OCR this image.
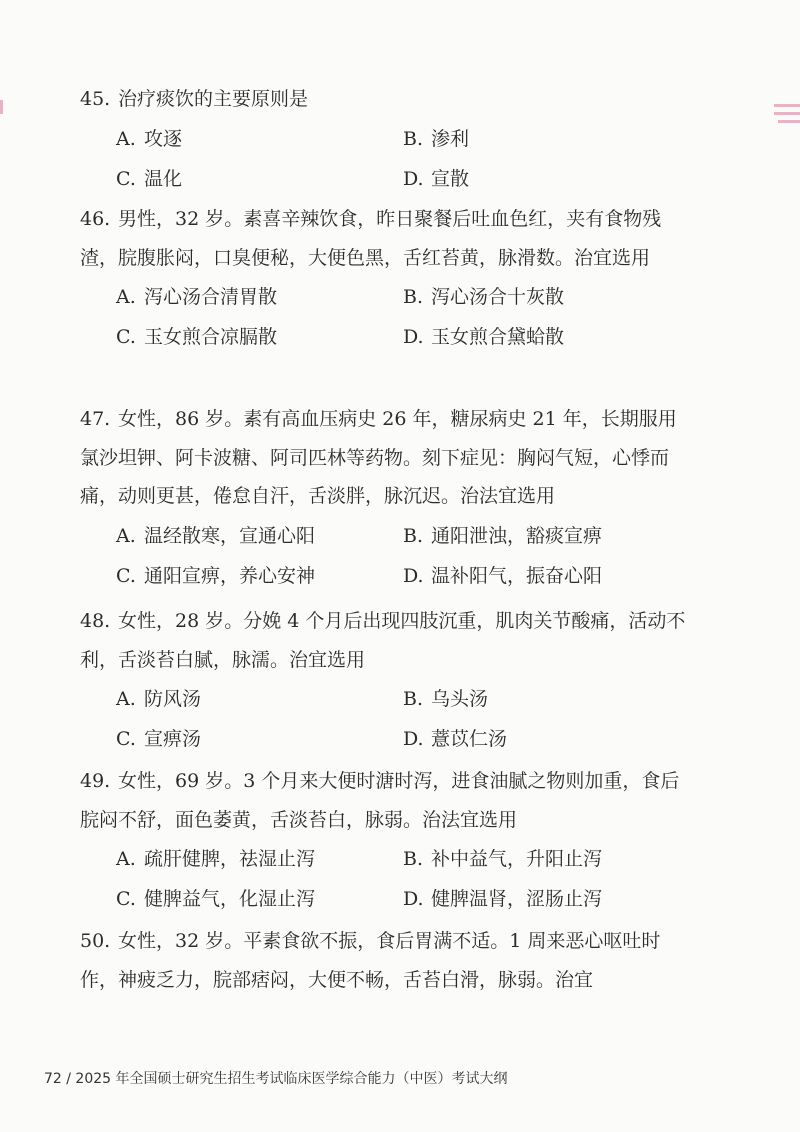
45. 治疗痰饮的主要原则是

A. 攻逐	B. 渗利
C. 温化	D. 宣散

46. 男性，32 岁。素喜辛辣饮食，昨日聚餐后吐血色红，夹有食物残渣，脘腹胀闷，口臭便秘，大便色黑，舌红苔黄，脉滑数。治宜选用

A. 泻心汤合清胃散	B. 泻心汤合十灰散
C. 玉女煎合凉膈散	D. 玉女煎合黛蛤散

47. 女性，86 岁。素有高血压病史 26 年，糖尿病史 21 年，长期服用氯沙坦钾、阿卡波糖、阿司匹林等药物。刻下症见：胸闷气短，心悸而痛，动则更甚，倦怠自汗，舌淡胖，脉沉迟。治法宜选用

A. 温经散寒，宣通心阳	B. 通阳泄浊，豁痰宣痹
C. 通阳宣痹，养心安神	D. 温补阳气，振奋心阳

48. 女性，28 岁。分娩 4 个月后出现四肢沉重，肌肉关节酸痛，活动不利，舌淡苔白腻，脉濡。治宜选用

A. 防风汤	B. 乌头汤
C. 宣痹汤	D. 薏苡仁汤

49. 女性，69 岁。3 个月来大便时溏时泻，进食油腻之物则加重，食后脘闷不舒，面色萎黄，舌淡苔白，脉弱。治法宜选用

A. 疏肝健脾，祛湿止泻	B. 补中益气，升阳止泻
C. 健脾益气，化湿止泻	D. 健脾温肾，涩肠止泻

50. 女性，32 岁。平素食欲不振，食后胃满不适。1 周来恶心呕吐时作，神疲乏力，脘部痞闷，大便不畅，舌苔白滑，脉弱。治宜

72 / 2025 年全国硕士研究生招生考试临床医学综合能力（中医）考试大纲
